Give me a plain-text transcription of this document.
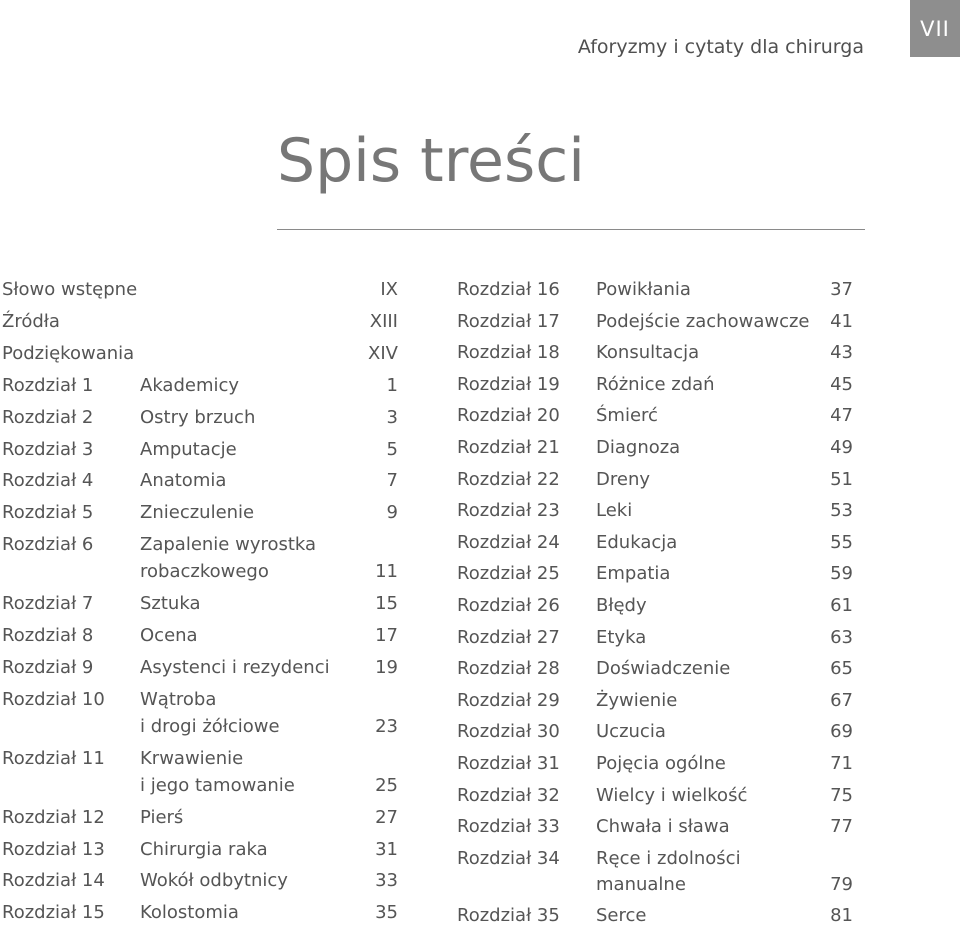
VII
Aforyzmy i cytaty dla chirurga
Spis treści
Słowo wstępne	IX
Źródła	XIII
Podziękowania	XIV
Rozdział 1	Akademicy	1
Rozdział 2	Ostry brzuch	3
Rozdział 3	Amputacje	5
Rozdział 4	Anatomia	7
Rozdział 5	Znieczulenie	9
Rozdział 6	Zapalenie wyrostka
robaczkowego	11
Rozdział 7	Sztuka	15
Rozdział 8	Ocena	17
Rozdział 9	Asystenci i rezydenci	19
Rozdział 10 Wątroba
i drogi żółciowe	23
Rozdział 11 Krwawienie
i jego tamowanie	25
Rozdział 12 Pierś	27
Rozdział 13 Chirurgia raka	31
Rozdział 14 Wokół odbytnicy	33
Rozdział 15 Kolostomia	35
Rozdział 16 Powikłania	37
Rozdział 17 Podejście zachowawcze 41
Rozdział 18 Konsultacja	43
Rozdział 19 Różnice zdań	45
Rozdział 20 Śmierć	47
Rozdział 21 Diagnoza	49
Rozdział 22 Dreny	51
Rozdział 23 Leki	53
Rozdział 24 Edukacja	55
Rozdział 25 Empatia	59
Rozdział 26 Błędy	61
Rozdział 27 Etyka	63
Rozdział 28 Doświadczenie	65
Rozdział 29 Żywienie	67
Rozdział 30 Uczucia	69
Rozdział 31 Pojęcia ogólne	71
Rozdział 32 Wielcy i wielkość	75
Rozdział 33 Chwała i sława	77
Rozdział 34 Ręce i zdolności
manualne	79
Rozdział 35 Serce	81
